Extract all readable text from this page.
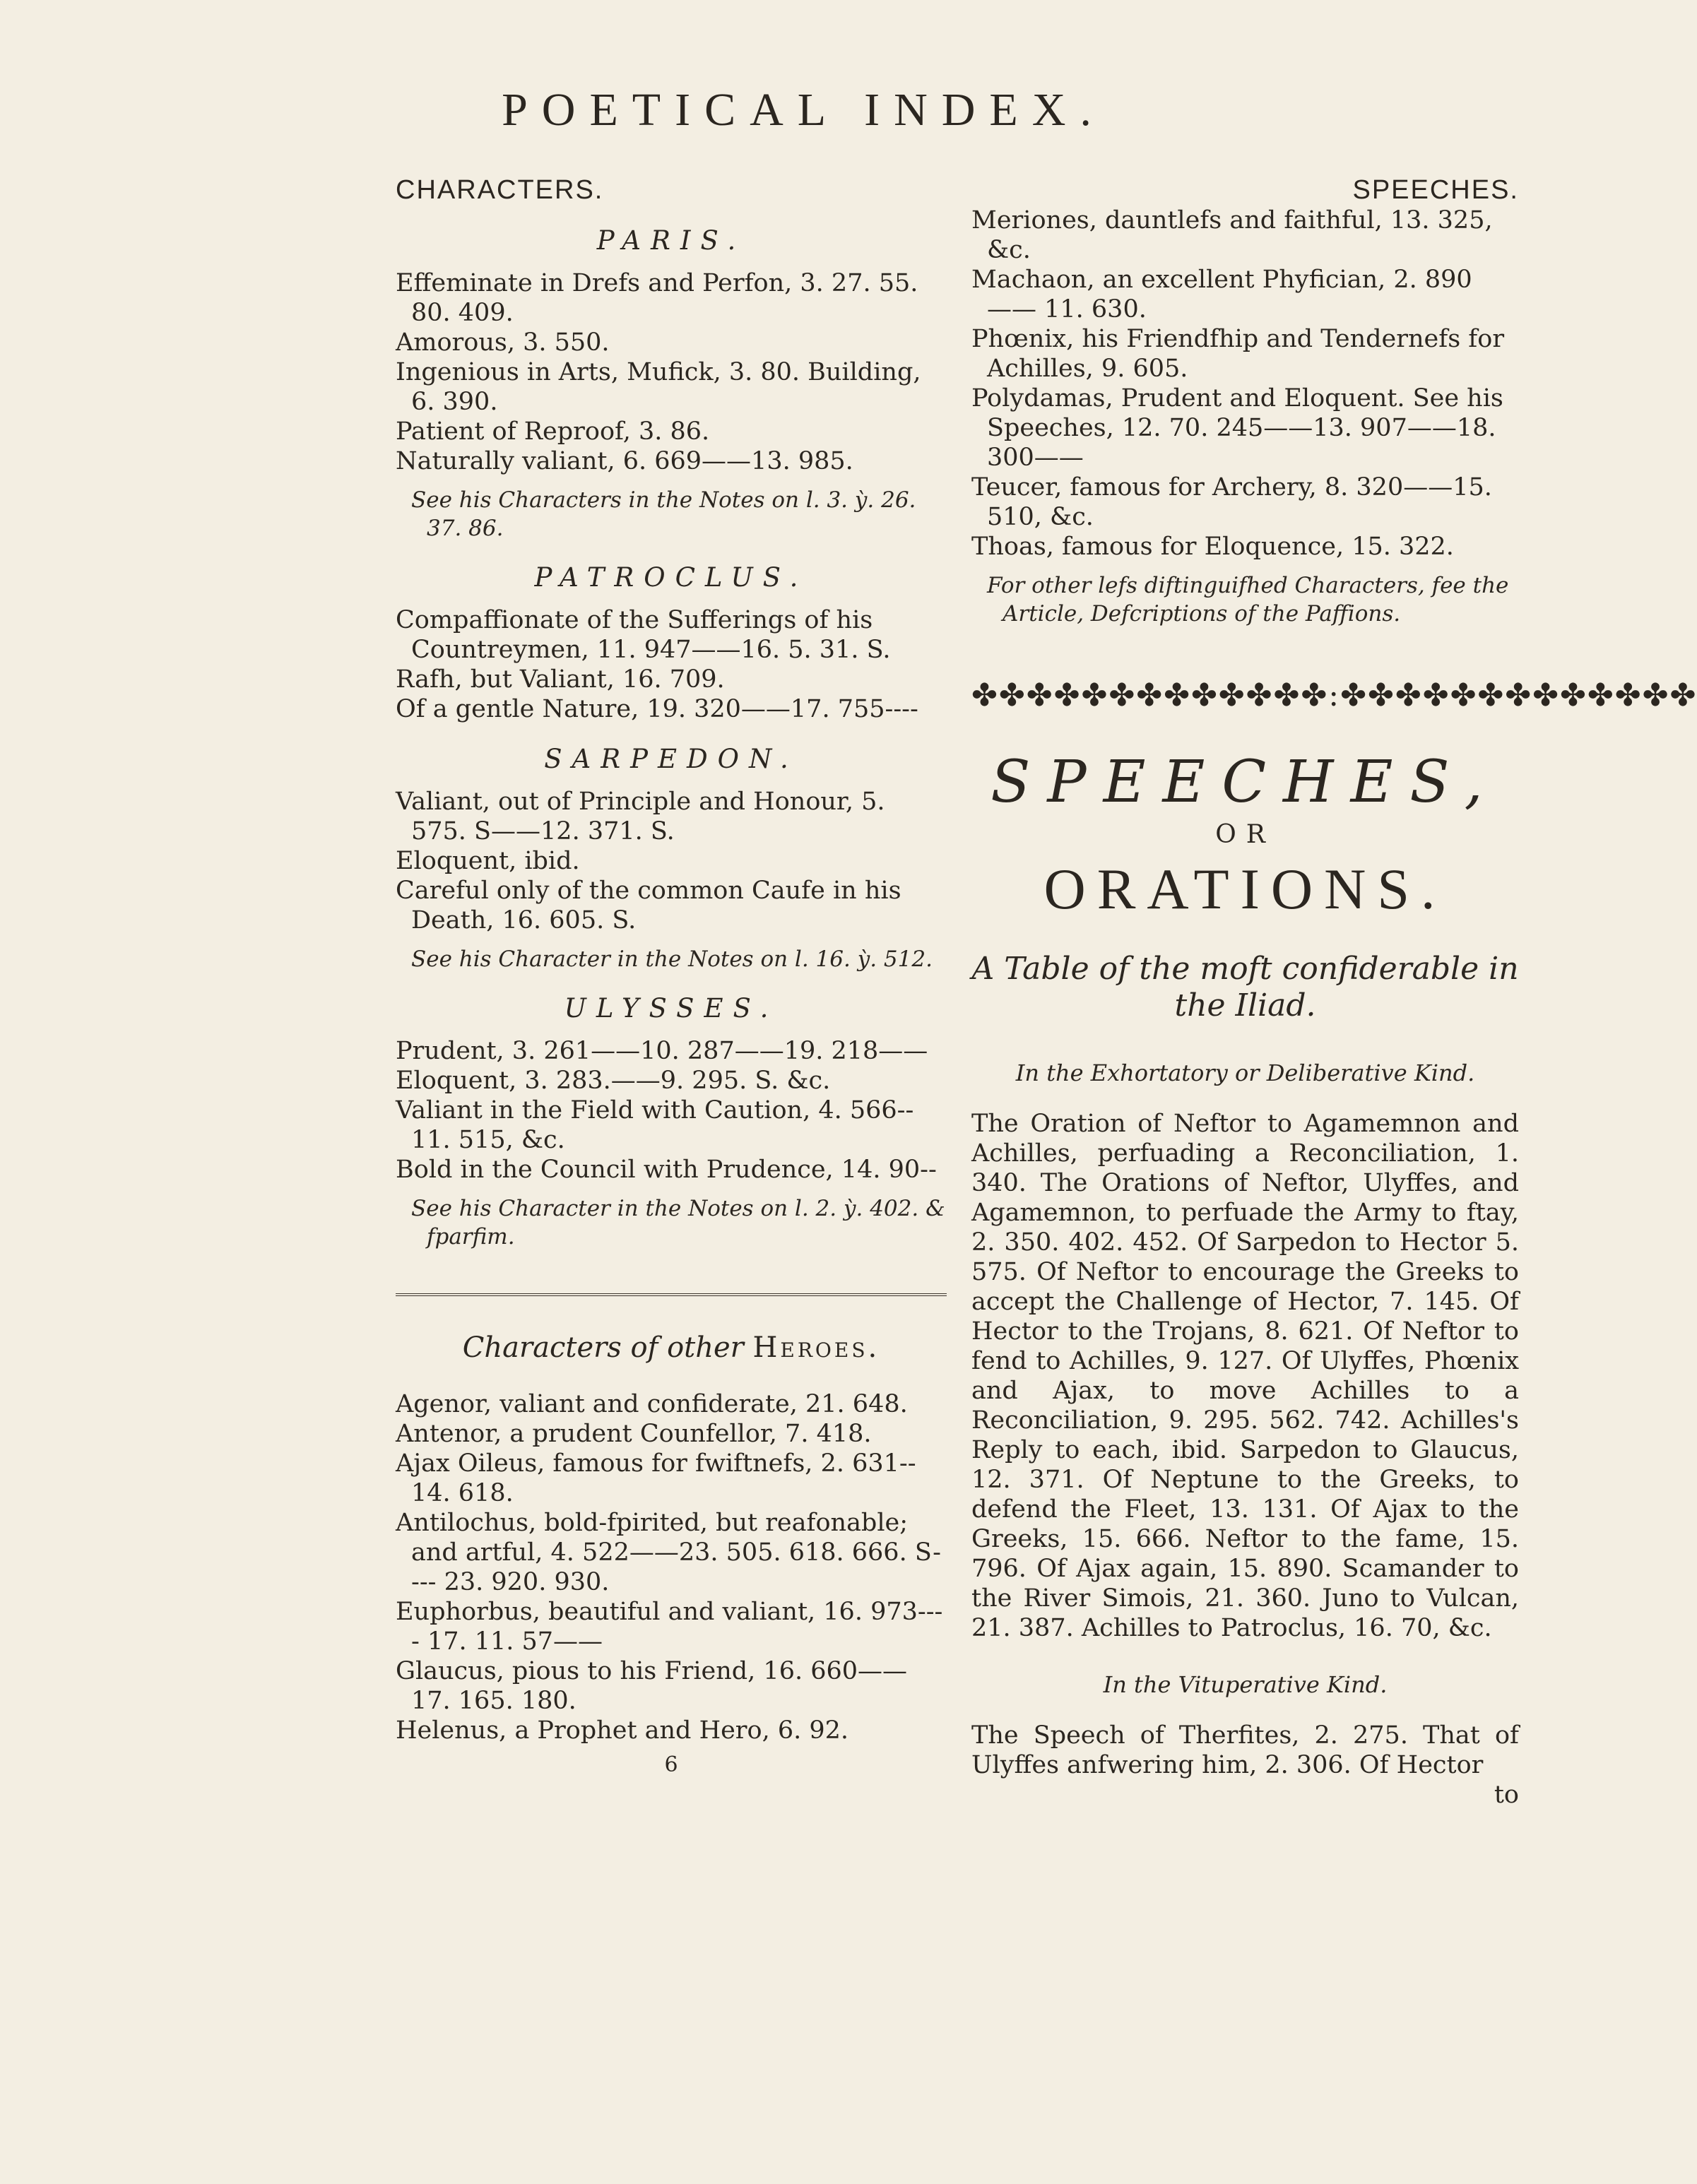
POETICAL INDEX.
CHARACTERS.
PARIS.

Effeminate in Drefs and Perfon, 3. 27. 55. 80. 409.

Amorous, 3. 550.

Ingenious in Arts, Mufick, 3. 80. Building, 6. 390.

Patient of Reproof, 3. 86.

Naturally valiant, 6. 669——13. 985.

See his Characters in the Notes on l. 3. ỳ. 26. 37. 86.

PATROCLUS.

Compaffionate of the Sufferings of his Countreymen, 11. 947——16. 5. 31. S.

Rafh, but Valiant, 16. 709.

Of a gentle Nature, 19. 320——17. 755----

SARPEDON.

Valiant, out of Principle and Honour, 5. 575. S——12. 371. S.

Eloquent, ibid.

Careful only of the common Caufe in his Death, 16. 605. S.

See his Character in the Notes on l. 16. ỳ. 512.

ULYSSES.

Prudent, 3. 261——10. 287——19. 218——

Eloquent, 3. 283.——9. 295. S. &c.

Valiant in the Field with Caution, 4. 566-- 11. 515, &c.

Bold in the Council with Prudence, 14. 90--

See his Character in the Notes on l. 2. ỳ. 402. & fparfim.

Characters of other Heroes.

Agenor, valiant and confiderate, 21. 648.

Antenor, a prudent Counfellor, 7. 418.

Ajax Oileus, famous for fwiftnefs, 2. 631-- 14. 618.

Antilochus, bold-fpirited, but reafonable; and artful, 4. 522——23. 505. 618. 666. S---- 23. 920. 930.

Euphorbus, beautiful and valiant, 16. 973---- 17. 11. 57——

Glaucus, pious to his Friend, 16. 660—— 17. 165. 180.

Helenus, a Prophet and Hero, 6. 92.

6
SPEECHES.

Meriones, dauntlefs and faithful, 13. 325, &c.

Machaon, an excellent Phyfician, 2. 890—— 11. 630.

Phœnix, his Friendfhip and Tendernefs for Achilles, 9. 605.

Polydamas, Prudent and Eloquent. See his Speeches, 12. 70. 245——13. 907——18. 300——

Teucer, famous for Archery, 8. 320——15. 510, &c.

Thoas, famous for Eloquence, 15. 322.

For other lefs diftinguifhed Characters, fee the Article, Defcriptions of the Paffions.

✤✤✤✤✤✤✤✤✤✤✤✤✤:✤✤✤✤✤✤✤✤✤✤✤✤✤
SPEECHES,
OR
ORATIONS.
A Table of the moft confiderable in the Iliad.
In the Exhortatory or Deliberative Kind.

The Oration of Neftor to Agamemnon and Achilles, perfuading a Reconciliation, 1. 340. The Orations of Neftor, Ulyffes, and Agamemnon, to perfuade the Army to ftay, 2. 350. 402. 452. Of Sarpedon to Hector 5. 575. Of Neftor to encourage the Greeks to accept the Challenge of Hector, 7. 145. Of Hector to the Trojans, 8. 621. Of Neftor to fend to Achilles, 9. 127. Of Ulyffes, Phœnix and Ajax, to move Achilles to a Reconciliation, 9. 295. 562. 742. Achilles's Reply to each, ibid. Sarpedon to Glaucus, 12. 371. Of Neptune to the Greeks, to defend the Fleet, 13. 131. Of Ajax to the Greeks, 15. 666. Neftor to the fame, 15. 796. Of Ajax again, 15. 890. Scamander to the River Simois, 21. 360. Juno to Vulcan, 21. 387. Achilles to Patroclus, 16. 70, &c.

In the Vituperative Kind.

The Speech of Therfites, 2. 275. That of Ulyffes anfwering him, 2. 306. Of Hector

to
